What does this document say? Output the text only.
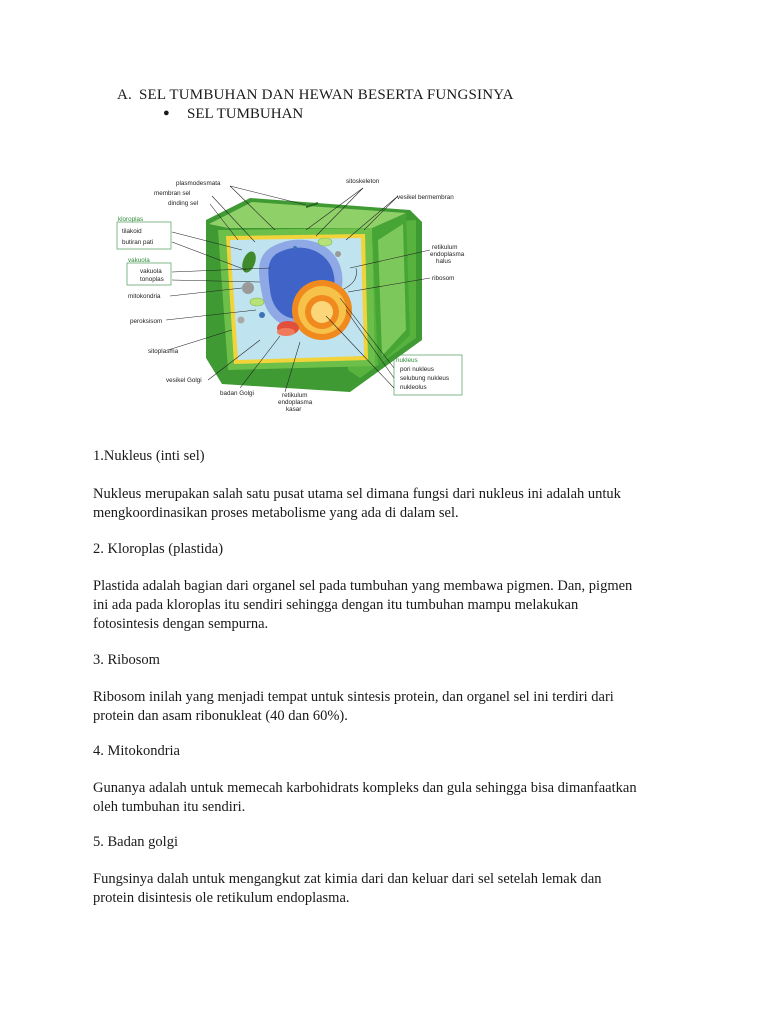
A. SEL TUMBUHAN DAN HEWAN BESERTA FUNGSINYA
● SEL TUMBUHAN
plasmodesmata
membran sel
dinding sel
kloroplas
tilakoid
butiran pati
vakuola
vakuola
tonoplas
mitokondria
peroksisom
sitoplasma
vesikel Golgi
badan Golgi	retikulum
endoplasma
kasar
sitoskeleton
vesikel bermembran
retikulum
endoplasma
halus
ribosom
nukleus
pori nukleus
selubung nukleus
nukleolus

1.Nukleus (inti sel)

Nukleus merupakan salah satu pusat utama sel dimana fungsi dari nukleus ini adalah untuk

mengkoordinasikan proses metabolisme yang ada di dalam sel.

2. Kloroplas (plastida)

Plastida adalah bagian dari organel sel pada tumbuhan yang membawa pigmen. Dan, pigmen

ini ada pada kloroplas itu sendiri sehingga dengan itu tumbuhan mampu melakukan

fotosintesis dengan sempurna.

3. Ribosom

Ribosom inilah yang menjadi tempat untuk sintesis protein, dan organel sel ini terdiri dari

protein dan asam ribonukleat (40 dan 60%).

4. Mitokondria

Gunanya adalah untuk memecah karbohidrats kompleks dan gula sehingga bisa dimanfaatkan

oleh tumbuhan itu sendiri.

5. Badan golgi

Fungsinya dalah untuk mengangkut zat kimia dari dan keluar dari sel setelah lemak dan

protein disintesis ole retikulum endoplasma.
